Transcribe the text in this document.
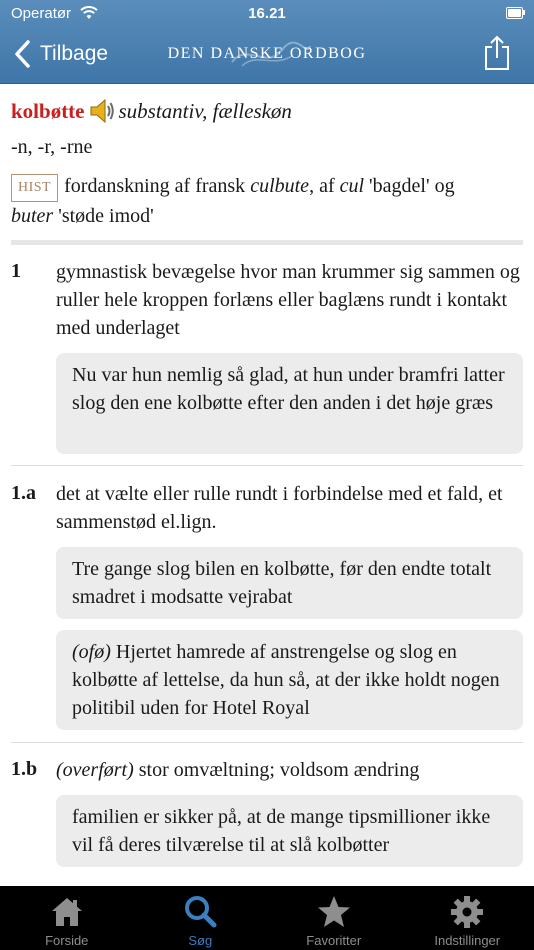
Operatør	16.21
Tilbage	DEN DANSKE ORDBOG
kolbøtte substantiv, fælleskøn
-n, -r, -rne
HIST fordanskning af fransk culbute, af cul 'bagdel' og
buter 'støde imod'
1 gymnastisk bevægelse hvor man krummer sig sammen og ruller hele kroppen forlæns eller baglæns rundt i kontakt med underlaget
Nu var hun nemlig så glad, at hun under bramfri latter slog den ene kolbøtte efter den anden i det høje græs
1.a det at vælte eller rulle rundt i forbindelse med et fald, et sammenstød el.lign.
Tre gange slog bilen en kolbøtte, før den endte totalt smadret i modsatte vejrabat
(ofø) Hjertet hamrede af anstrengelse og slog en kolbøtte af lettelse, da hun så, at der ikke holdt nogen politibil uden for Hotel Royal
1.b (overført) stor omvæltning; voldsom ændring
familien er sikker på, at de mange tipsmillioner ikke vil få deres tilværelse til at slå kolbøtter
Forside	Søg	Favoritter	Indstillinger
